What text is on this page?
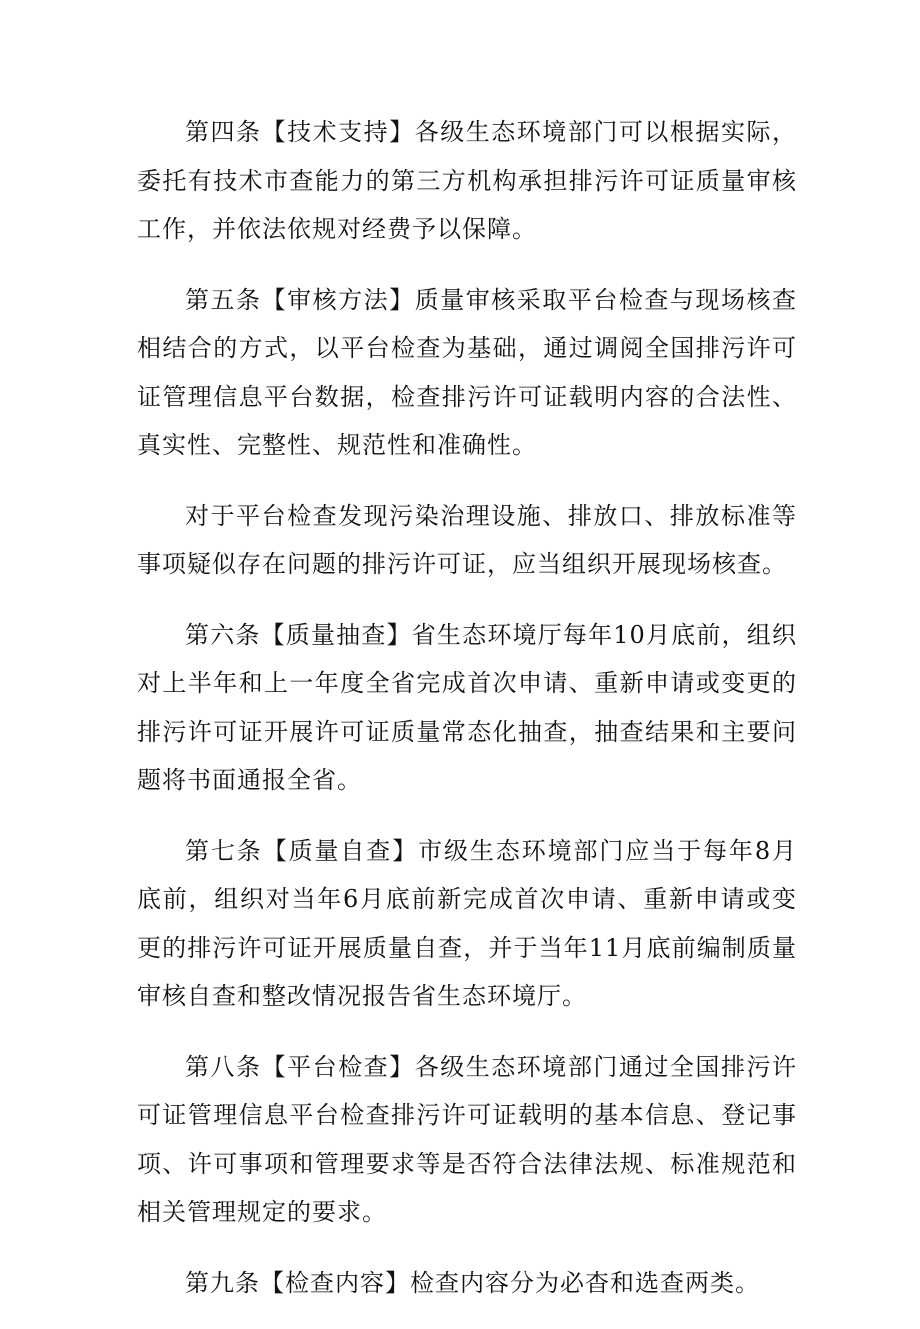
第四条【技术支持】各级生态环境部门可以根据实际，委托有技术市查能力的第三方机构承担排污许可证质量审核工作，并依法依规对经费予以保障。

第五条【审核方法】质量审核采取平台检查与现场核查相结合的方式，以平台检查为基础，通过调阅全国排污许可证管理信息平台数据，检查排污许可证载明内容的合法性、真实性、完整性、规范性和准确性。

对于平台检查发现污染治理设施、排放口、排放标准等事项疑似存在问题的排污许可证，应当组织开展现场核查。

第六条【质量抽查】省生态环境厅每年10月底前，组织对上半年和上一年度全省完成首次申请、重新申请或变更的排污许可证开展许可证质量常态化抽查，抽查结果和主要问题将书面通报全省。

第七条【质量自查】市级生态环境部门应当于每年8月底前，组织对当年6月底前新完成首次申请、重新申请或变更的排污许可证开展质量自查，并于当年11月底前编制质量审核自查和整改情况报告省生态环境厅。

第八条【平台检查】各级生态环境部门通过全国排污许可证管理信息平台检查排污许可证载明的基本信息、登记事项、许可事项和管理要求等是否符合法律法规、标准规范和相关管理规定的要求。

第九条【检查内容】检查内容分为必杳和选查两类。
